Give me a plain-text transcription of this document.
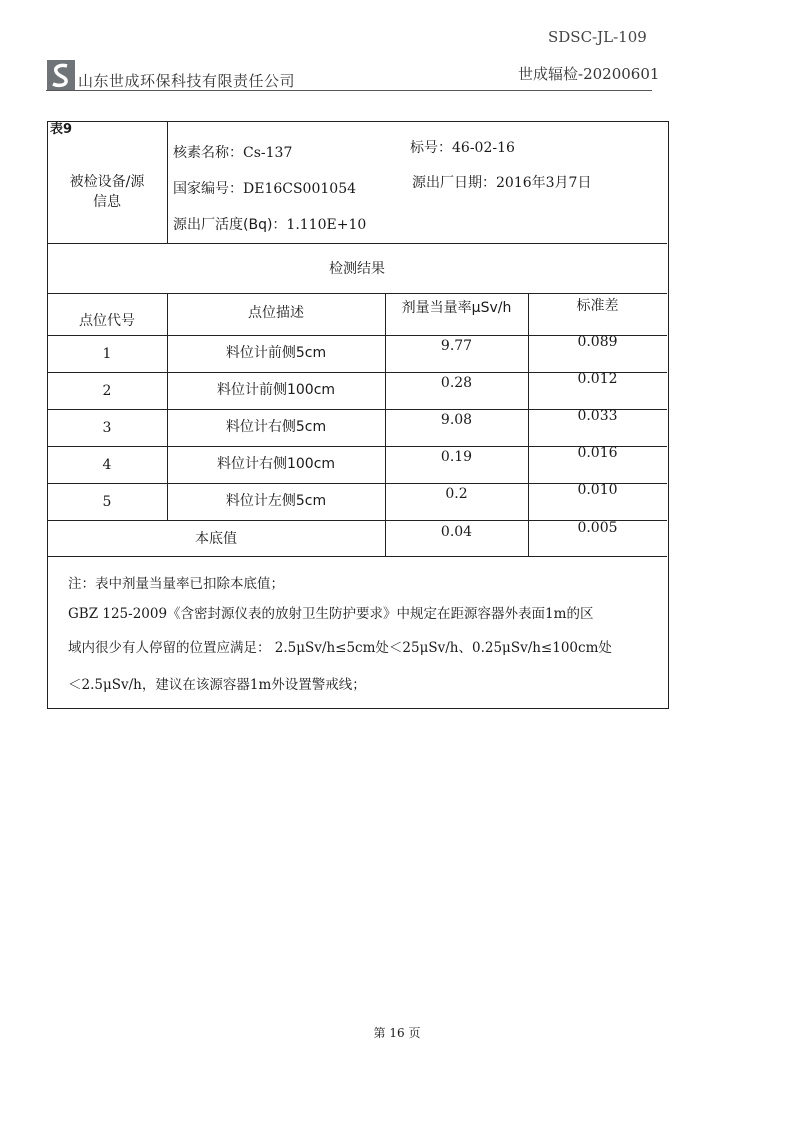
SDSC-JL-109
山东世成环保科技有限责任公司	世成辐检-20200601
表9
被检设备/源
信息
核素名称：Cs-137	标号：46-02-16
国家编号：DE16CS001054	源出厂日期：2016年3月7日
源出厂活度(Bq)：1.110E+10
检测结果
点位代号	点位描述	剂量当量率μSv/h	标准差
1	料位计前侧5cm	9.77	0.089
2	料位计前侧100cm	0.28	0.012
3	料位计右侧5cm	9.08	0.033
4	料位计右侧100cm	0.19	0.016
5	料位计左侧5cm	0.2	0.010
本底值	0.04	0.005
注：表中剂量当量率已扣除本底值；
GBZ 125-2009《含密封源仪表的放射卫生防护要求》中规定在距源容器外表面1m的区
域内很少有人停留的位置应满足： 2.5μSv/h≤5cm处＜25μSv/h、0.25μSv/h≤100cm处
＜2.5μSv/h，建议在该源容器1m外设置警戒线；
第 16 页
